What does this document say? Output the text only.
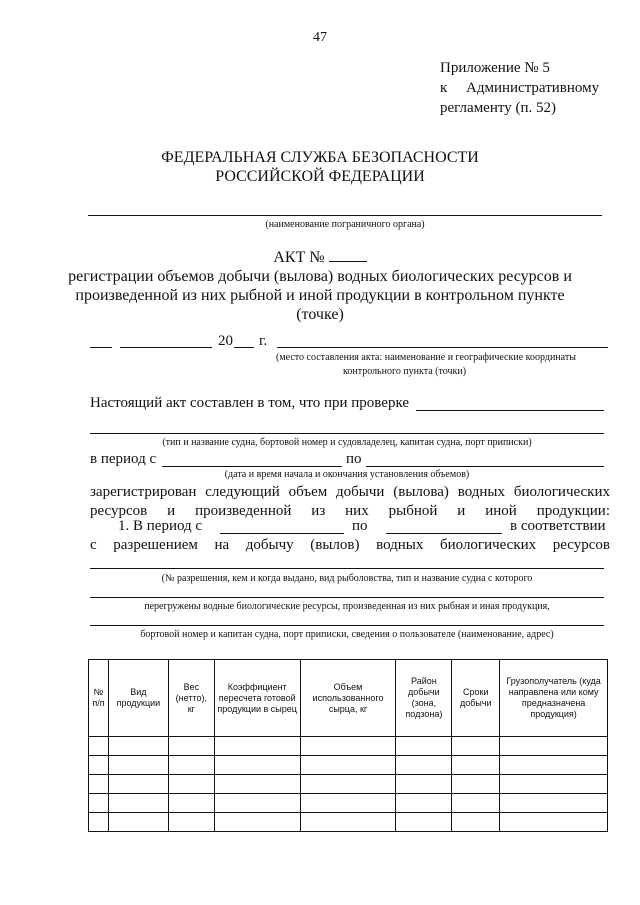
47
Приложение № 5
к Административному
регламенту (п. 52)
ФЕДЕРАЛЬНАЯ СЛУЖБА БЕЗОПАСНОСТИ
РОССИЙСКОЙ ФЕДЕРАЦИИ
(наименование пограничного органа)
АКТ №
регистрации объемов добычи (вылова) водных биологических ресурсов и
произведенной из них рыбной и иной продукции в контрольном пункте
(точке)
20 г.
(место составления акта: наименование и географические координаты
контрольного пункта (точки)
Настоящий акт составлен в том, что при проверке
(тип и название судна, бортовой номер и судовладелец, капитан судна, порт приписки)
в период с	по
(дата и время начала и окончания установления объемов)
зарегистрирован следующий объем добычи (вылова) водных биологических
ресурсов и произведенной из них рыбной и иной продукции:
1. В период с	по	в соответствии
с разрешением на добычу (вылов) водных биологических ресурсов
(№ разрешения, кем и когда выдано, вид рыболовства, тип и название судна с которого
перегружены водные биологические ресурсы, произведенная из них рыбная и иная продукция,
бортовой номер и капитан судна, порт приписки, сведения о пользователе (наименование, адрес)
№ п/п	Вид продукции	Вес (нетто), кг	Коэффициент пересчета готовой продукции в сырец	Объем использованного сырца, кг	Район добычи (зона, подзона)	Сроки добычи	Грузополучатель (куда направлена или кому предназначена продукция)
